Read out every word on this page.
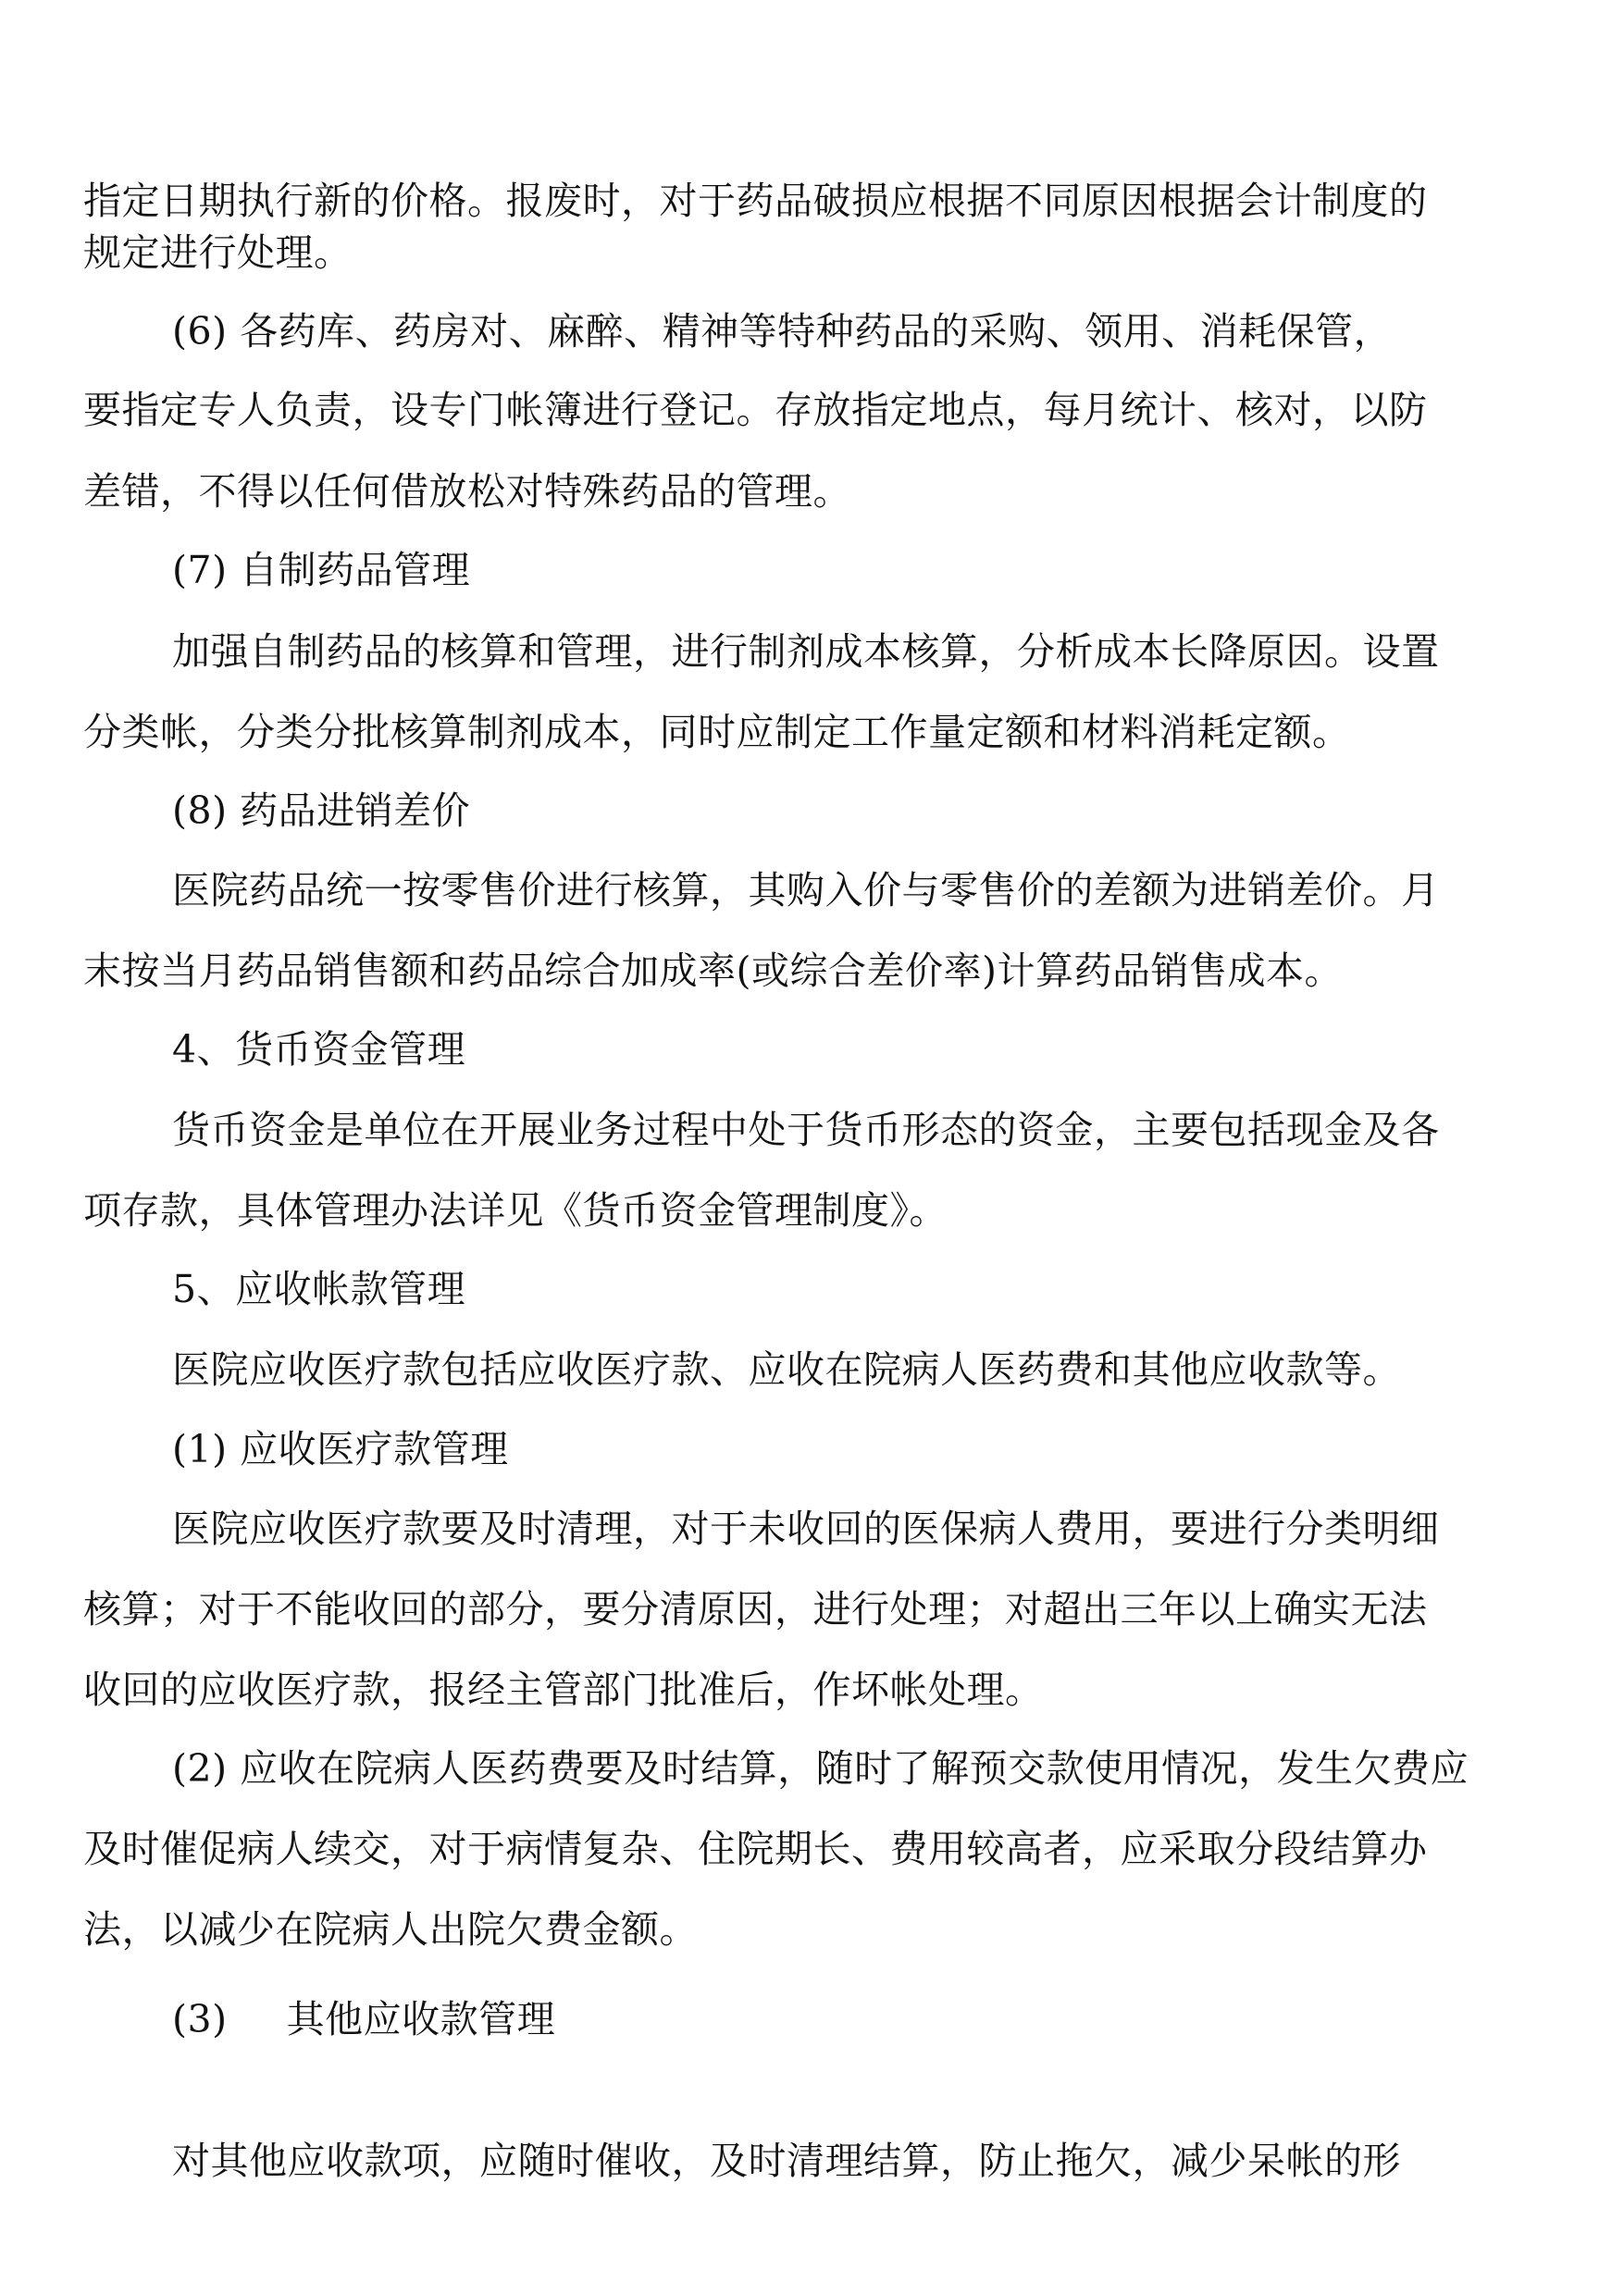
指定日期执行新的价格。报废时，对于药品破损应根据不同原因根据会计制度的
规定进行处理。
(6) 各药库、药房对、麻醉、精神等特种药品的采购、领用、消耗保管，
要指定专人负责，设专门帐簿进行登记。存放指定地点，每月统计、核对，以防
差错，不得以任何借放松对特殊药品的管理。
(7) 自制药品管理
加强自制药品的核算和管理，进行制剂成本核算，分析成本长降原因。设置
分类帐，分类分批核算制剂成本，同时应制定工作量定额和材料消耗定额。
(8) 药品进销差价
医院药品统一按零售价进行核算，其购入价与零售价的差额为进销差价。月
末按当月药品销售额和药品综合加成率(或综合差价率)计算药品销售成本。
4、货币资金管理
货币资金是单位在开展业务过程中处于货币形态的资金，主要包括现金及各
项存款，具体管理办法详见《货币资金管理制度》。
5、应收帐款管理
医院应收医疗款包括应收医疗款、应收在院病人医药费和其他应收款等。
(1) 应收医疗款管理
医院应收医疗款要及时清理，对于未收回的医保病人费用，要进行分类明细
核算；对于不能收回的部分，要分清原因，进行处理；对超出三年以上确实无法
收回的应收医疗款，报经主管部门批准后，作坏帐处理。
(2) 应收在院病人医药费要及时结算，随时了解预交款使用情况，发生欠费应
及时催促病人续交，对于病情复杂、住院期长、费用较高者，应采取分段结算办
法，以减少在院病人出院欠费金额。
(3) 其他应收款管理
对其他应收款项，应随时催收，及时清理结算，防止拖欠，减少呆帐的形
